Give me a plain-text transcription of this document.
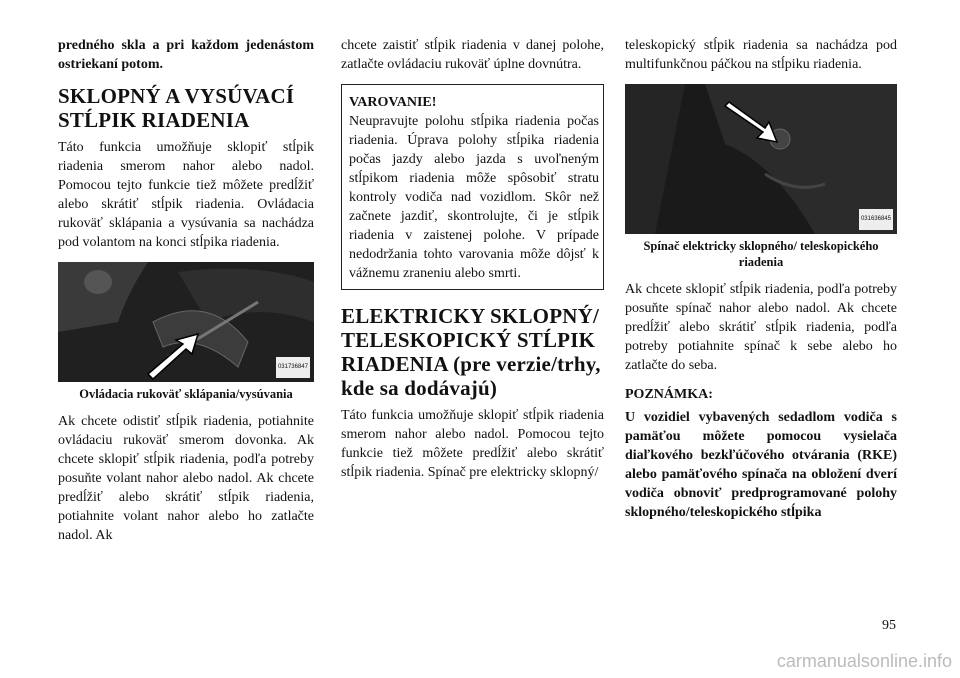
predného skla a pri každom jedenástom ostriekaní potom.

SKLOPNÝ A VYSÚVACÍ STĹPIK RIADENIA

Táto funkcia umožňuje sklopiť stĺpik riadenia smerom nahor alebo nadol. Pomocou tejto funkcie tiež môžete predĺžiť alebo skrátiť stĺpik riadenia. Ovládacia rukoväť sklápania a vysúvania sa nachádza pod volantom na konci stĺpika riadenia.

031736847
Ovládacia rukoväť sklápania/vysúvania

Ak chcete odistiť stĺpik riadenia, potiahnite ovládaciu rukoväť smerom dovonka. Ak chcete sklopiť stĺpik riadenia, podľa potreby posuňte volant nahor alebo nadol. Ak chcete predĺžiť alebo skrátiť stĺpik riadenia, potiahnite volant nahor alebo ho zatlačte nadol. Ak

chcete zaistiť stĺpik riadenia v danej polohe, zatlačte ovládaciu rukoväť úplne dovnútra.

VAROVANIE!
Neupravujte polohu stĺpika riadenia počas riadenia. Úprava polohy stĺpika riadenia počas jazdy alebo jazda s uvoľneným stĺpikom riadenia môže spôsobiť stratu kontroly vodiča nad vozidlom. Skôr než začnete jazdiť, skontrolujte, či je stĺpik riadenia v zaistenej polohe. V prípade nedodržania tohto varovania môže dôjsť k vážnemu zraneniu alebo smrti.
ELEKTRICKY SKLOPNÝ/ TELESKOPICKÝ STĹPIK RIADENIA (pre verzie/trhy, kde sa dodávajú)

Táto funkcia umožňuje sklopiť stĺpik riadenia smerom nahor alebo nadol. Pomocou tejto funkcie tiež môžete predĺžiť alebo skrátiť stĺpik riadenia. Spínač pre elektricky sklopný/

teleskopický stĺpik riadenia sa nachádza pod multifunkčnou páčkou na stĺpiku riadenia.

031636845
Spínač elektricky sklopného/ teleskopického riadenia

Ak chcete sklopiť stĺpik riadenia, podľa potreby posuňte spínač nahor alebo nadol. Ak chcete predĺžiť alebo skrátiť stĺpik riadenia, podľa potreby potiahnite spínač k sebe alebo ho zatlačte do seba.

POZNÁMKA:

U vozidiel vybavených sedadlom vodiča s pamäťou môžete pomocou vysielača diaľkového bezkľúčového otvárania (RKE) alebo pamäťového spínača na obložení dverí vodiča obnoviť predprogramované polohy sklopného/teleskopického stĺpika

95
carmanualsonline.info
